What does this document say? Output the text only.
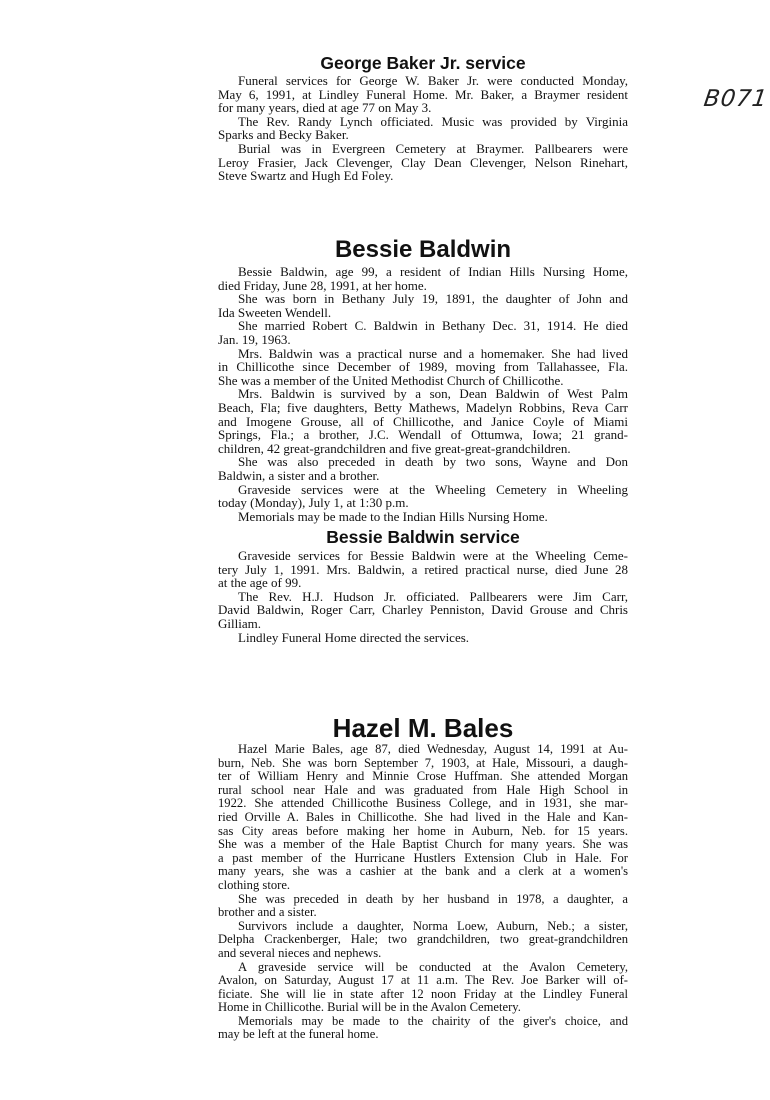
B071
George Baker Jr. service
Funeral services for George W. Baker Jr. were conducted Monday,
May 6, 1991, at Lindley Funeral Home. Mr. Baker, a Braymer resident
for many years, died at age 77 on May 3.
The Rev. Randy Lynch officiated. Music was provided by Virginia
Sparks and Becky Baker.
Burial was in Evergreen Cemetery at Braymer. Pallbearers were
Leroy Frasier, Jack Clevenger, Clay Dean Clevenger, Nelson Rinehart,
Steve Swartz and Hugh Ed Foley.
Bessie Baldwin
Bessie Baldwin, age 99, a resident of Indian Hills Nursing Home,
died Friday, June 28, 1991, at her home.
She was born in Bethany July 19, 1891, the daughter of John and
Ida Sweeten Wendell.
She married Robert C. Baldwin in Bethany Dec. 31, 1914. He died
Jan. 19, 1963.
Mrs. Baldwin was a practical nurse and a homemaker. She had lived
in Chillicothe since December of 1989, moving from Tallahassee, Fla.
She was a member of the United Methodist Church of Chillicothe.
Mrs. Baldwin is survived by a son, Dean Baldwin of West Palm
Beach, Fla; five daughters, Betty Mathews, Madelyn Robbins, Reva Carr
and Imogene Grouse, all of Chillicothe, and Janice Coyle of Miami
Springs, Fla.; a brother, J.C. Wendall of Ottumwa, Iowa; 21 grand-
children, 42 great-grandchildren and five great-great-grandchildren.
She was also preceded in death by two sons, Wayne and Don
Baldwin, a sister and a brother.
Graveside services were at the Wheeling Cemetery in Wheeling
today (Monday), July 1, at 1:30 p.m.
Memorials may be made to the Indian Hills Nursing Home.
Bessie Baldwin service
Graveside services for Bessie Baldwin were at the Wheeling Ceme-
tery July 1, 1991. Mrs. Baldwin, a retired practical nurse, died June 28
at the age of 99.
The Rev. H.J. Hudson Jr. officiated. Pallbearers were Jim Carr,
David Baldwin, Roger Carr, Charley Penniston, David Grouse and Chris
Gilliam.
Lindley Funeral Home directed the services.
Hazel M. Bales
Hazel Marie Bales, age 87, died Wednesday, August 14, 1991 at Au-
burn, Neb. She was born September 7, 1903, at Hale, Missouri, a daugh-
ter of William Henry and Minnie Crose Huffman. She attended Morgan
rural school near Hale and was graduated from Hale High School in
1922. She attended Chillicothe Business College, and in 1931, she mar-
ried Orville A. Bales in Chillicothe. She had lived in the Hale and Kan-
sas City areas before making her home in Auburn, Neb. for 15 years.
She was a member of the Hale Baptist Church for many years. She was
a past member of the Hurricane Hustlers Extension Club in Hale. For
many years, she was a cashier at the bank and a clerk at a women's
clothing store.
She was preceded in death by her husband in 1978, a daughter, a
brother and a sister.
Survivors include a daughter, Norma Loew, Auburn, Neb.; a sister,
Delpha Crackenberger, Hale; two grandchildren, two great-grandchildren
and several nieces and nephews.
A graveside service will be conducted at the Avalon Cemetery,
Avalon, on Saturday, August 17 at 11 a.m. The Rev. Joe Barker will of-
ficiate. She will lie in state after 12 noon Friday at the Lindley Funeral
Home in Chillicothe. Burial will be in the Avalon Cemetery.
Memorials may be made to the chairity of the giver's choice, and
may be left at the funeral home.
